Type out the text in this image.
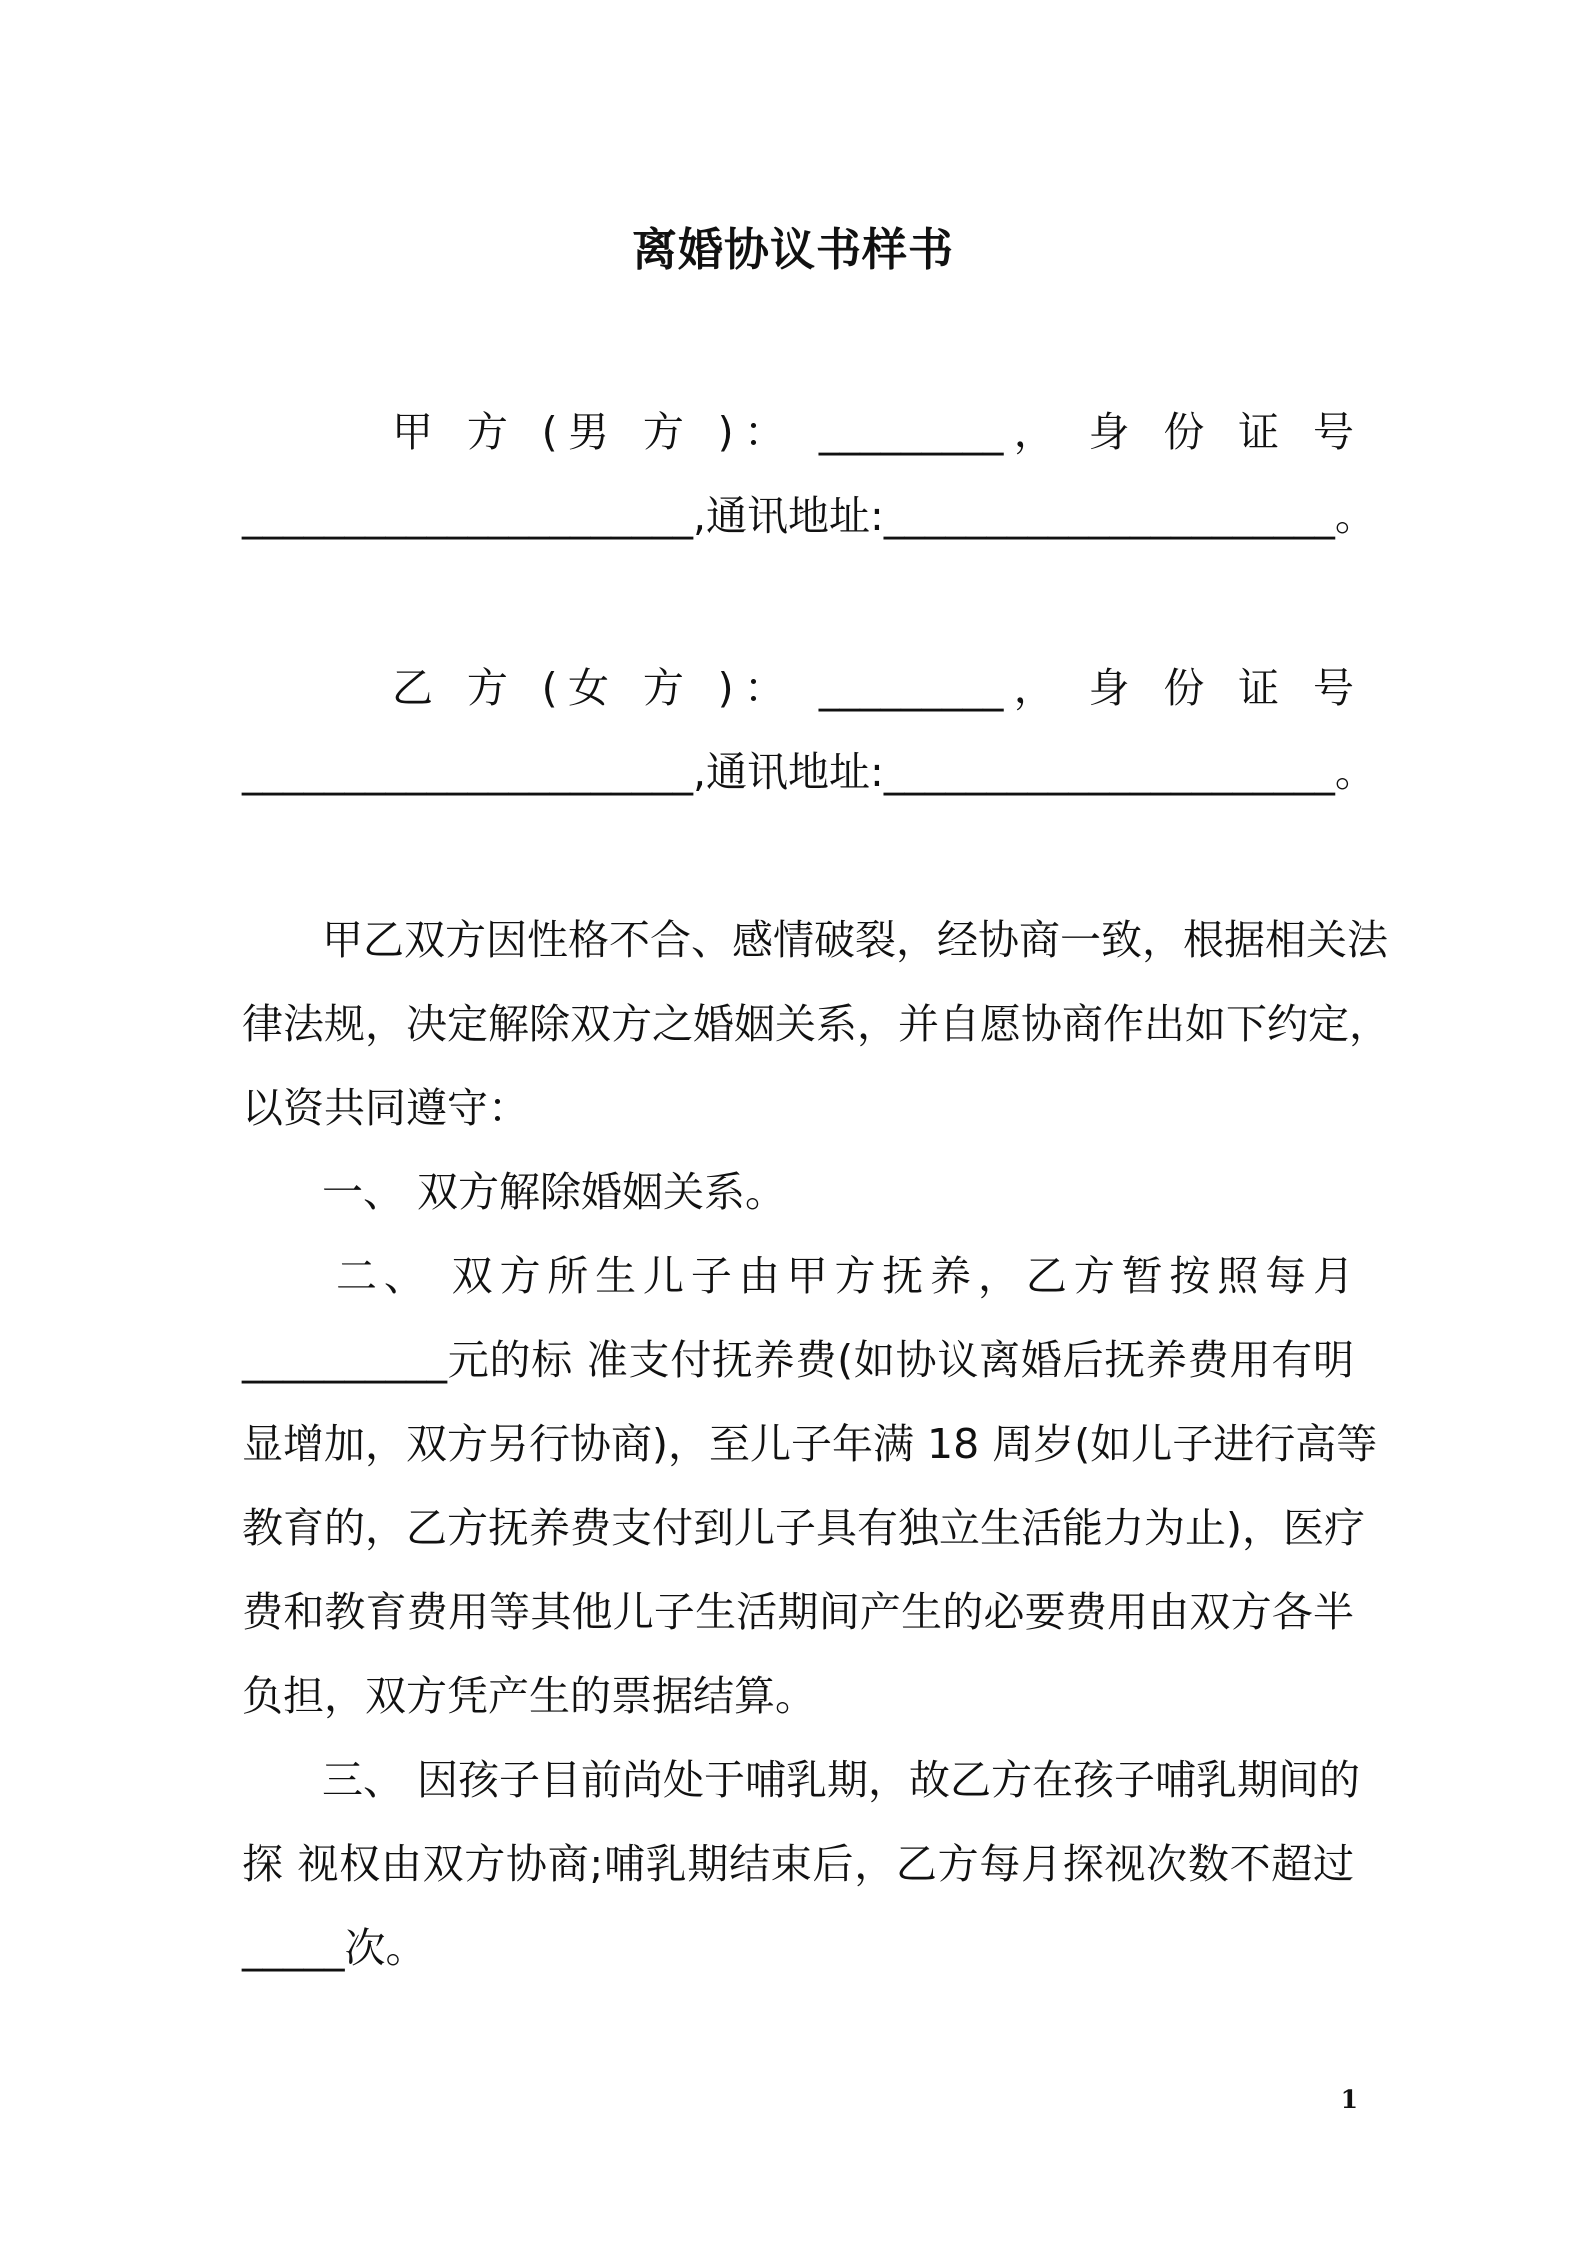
离婚协议书样书
甲 方 (男 方 )： _________， 身 份 证 号
______________________,通讯地址:______________________。
乙 方 (女 方 )： _________， 身 份 证 号
______________________,通讯地址:______________________。
甲乙双方因性格不合、感情破裂，经协商一致，根据相关法
律法规，决定解除双方之婚姻关系，并自愿协商作出如下约定，
以资共同遵守：
一、 双方解除婚姻关系。
二、 双方所生儿子由甲方抚养，乙方暂按照每月
__________元的标 准支付抚养费(如协议离婚后抚养费用有明
显增加，双方另行协商)，至儿子年满 18 周岁(如儿子进行高等
教育的，乙方抚养费支付到儿子具有独立生活能力为止)，医疗
费和教育费用等其他儿子生活期间产生的必要费用由双方各半
负担，双方凭产生的票据结算。
三、 因孩子目前尚处于哺乳期，故乙方在孩子哺乳期间的
探 视权由双方协商;哺乳期结束后，乙方每月探视次数不超过
_____次。
1
